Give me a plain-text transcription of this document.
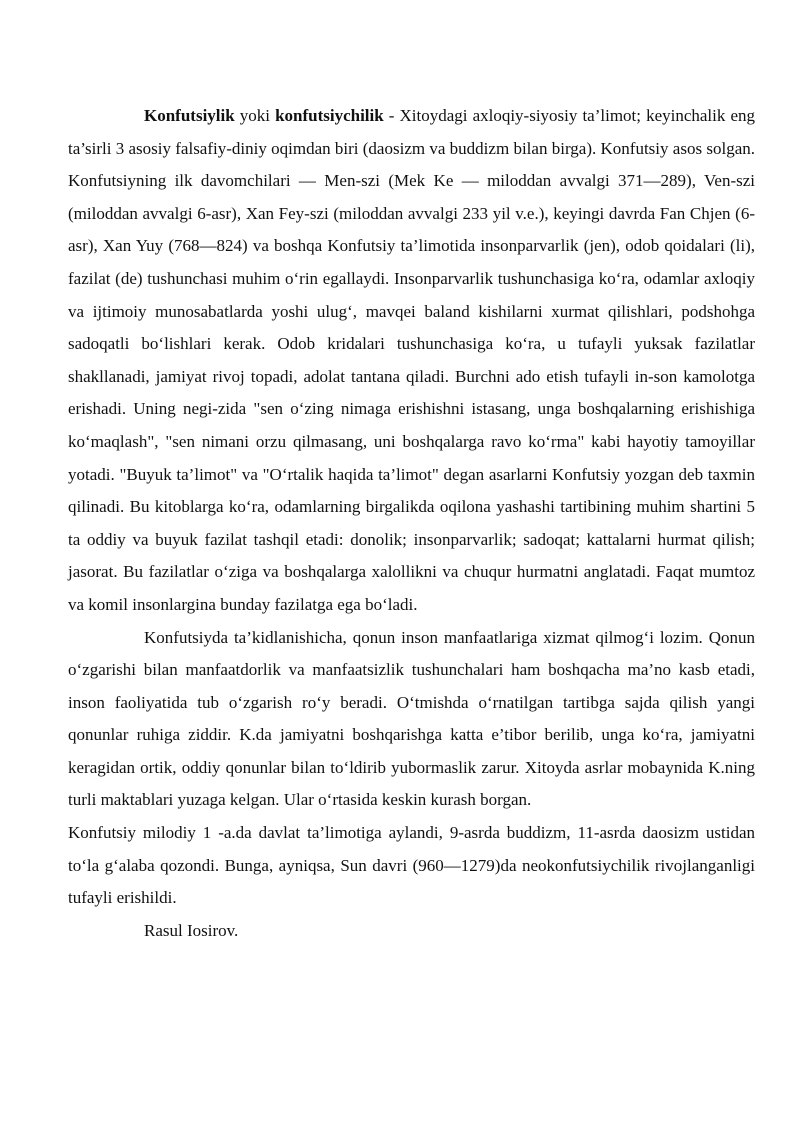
Konfutsiylik yoki konfutsiychilik - Xitoydagi axloqiy-siyosiy ta’limot; keyinchalik eng ta’sirli 3 asosiy falsafiy-diniy oqimdan biri (daosizm va buddizm bilan birga). Konfutsiy asos solgan. Konfutsiyning ilk davomchilari — Men-szi (Mek Ke — miloddan avvalgi 371—289), Ven-szi (miloddan avvalgi 6-asr), Xan Fey-szi (miloddan avvalgi 233 yil v.e.), keyingi davrda Fan Chjen (6-asr), Xan Yuy (768—824) va boshqa Konfutsiy ta’limotida insonparvarlik (jen), odob qoidalari (li), fazilat (de) tushunchasi muhim o‘rin egallaydi. Insonparvarlik tushunchasiga ko‘ra, odamlar axloqiy va ijtimoiy munosabatlarda yoshi ulug‘, mavqei baland kishilarni xurmat qilishlari, podshohga sadoqatli bo‘lishlari kerak. Odob kridalari tushunchasiga ko‘ra, u tufayli yuksak fazilatlar shakllanadi, jamiyat rivoj topadi, adolat tantana qiladi. Burchni ado etish tufayli in-son kamolotga erishadi. Uning negi-zida "sen o‘zing nimaga erishishni istasang, unga boshqalarning erishishiga ko‘maqlash", "sen nimani orzu qilmasang, uni boshqalarga ravo ko‘rma" kabi hayotiy tamoyillar yotadi. "Buyuk ta’limot" va "O‘rtalik haqida ta’limot" degan asarlarni Konfutsiy yozgan deb taxmin qilinadi. Bu kitoblarga ko‘ra, odamlarning birgalikda oqilona yashashi tartibining muhim shartini 5 ta oddiy va buyuk fazilat tashqil etadi: donolik; insonparvarlik; sadoqat; kattalarni hurmat qilish; jasorat. Bu fazilatlar o‘ziga va boshqalarga xalollikni va chuqur hurmatni anglatadi. Faqat mumtoz va komil insonlargina bunday fazilatga ega bo‘ladi.

Konfutsiyda ta’kidlanishicha, qonun inson manfaatlariga xizmat qilmog‘i lozim. Qonun o‘zgarishi bilan manfaatdorlik va manfaatsizlik tushunchalari ham boshqacha ma’no kasb etadi, inson faoliyatida tub o‘zgarish ro‘y beradi. O‘tmishda o‘rnatilgan tartibga sajda qilish yangi qonunlar ruhiga ziddir. K.da jamiyatni boshqarishga katta e’tibor berilib, unga ko‘ra, jamiyatni keragidan ortik, oddiy qonunlar bilan to‘ldirib yubormaslik zarur. Xitoyda asrlar mobaynida K.ning turli maktablari yuzaga kelgan. Ular o‘rtasida keskin kurash borgan.

Konfutsiy milodiy 1 -a.da davlat ta’limotiga aylandi, 9-asrda buddizm, 11-asrda daosizm ustidan to‘la g‘alaba qozondi. Bunga, ayniqsa, Sun davri (960—1279)da neokonfutsiychilik rivojlanganligi tufayli erishildi.

Rasul Iosirov.
